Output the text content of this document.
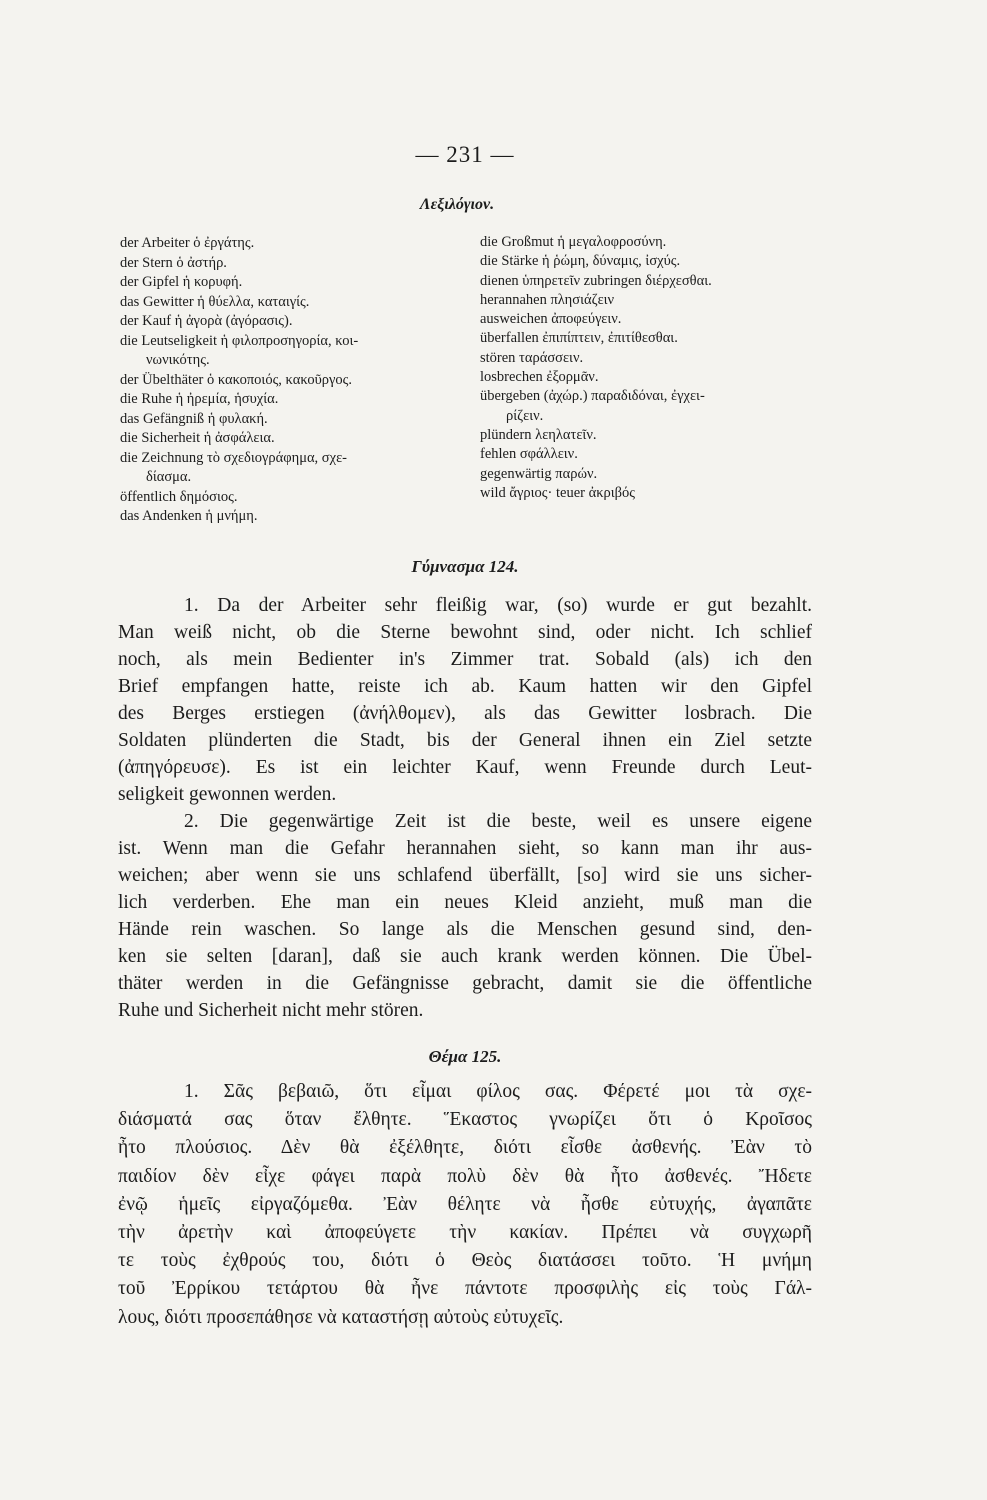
— 231 —
Λεξιλόγιον.
der Arbeiter ὁ ἐργάτης.
der Stern ὁ ἀστήρ.
der Gipfel ἡ κορυφή.
das Gewitter ἡ θύελλα, καταιγίς.
der Kauf ἡ ἀγορὰ (ἀγόρασις).
die Leutseligkeit ἡ φιλοπροσηγορία, κοι-
νωνικότης.
der Übelthäter ὁ κακοποιός, κακοῦργος.
die Ruhe ἡ ἠρεμία, ἡσυχία.
das Gefängniß ἡ φυλακή.
die Sicherheit ἡ ἀσφάλεια.
die Zeichnung τὸ σχεδιογράφημα, σχε-
δίασμα.
öffentlich δημόσιος.
das Andenken ἡ μνήμη.
die Großmut ἡ μεγαλοφροσύνη.
die Stärke ἡ ῥώμη, δύναμις, ἰσχύς.
dienen ὑπηρετεῖν zubringen διέρχεσθαι.
herannahen πλησιάζειν
ausweichen ἀποφεύγειν.
überfallen ἐπιπίπτειν, ἐπιτίθεσθαι.
stören ταράσσειν.
losbrechen ἐξορμᾶν.
übergeben (ἀχώρ.) παραδιδόναι, ἐγχει-
ρίζειν.
plündern λεηλατεῖν.
fehlen σφάλλειν.
gegenwärtig παρών.
wild ἄγριος· teuer ἀκριβός
Γύμνασμα 124.
1. Da der Arbeiter sehr fleißig war, (so) wurde er gut bezahlt.
Man weiß nicht, ob die Sterne bewohnt sind, oder nicht. Ich schlief
noch, als mein Bedienter in's Zimmer trat. Sobald (als) ich den
Brief empfangen hatte, reiste ich ab. Kaum hatten wir den Gipfel
des Berges erstiegen (ἀνήλθομεν), als das Gewitter losbrach. Die
Soldaten plünderten die Stadt, bis der General ihnen ein Ziel setzte
(ἀπηγόρευσε). Es ist ein leichter Kauf, wenn Freunde durch Leut-
seligkeit gewonnen werden.
2. Die gegenwärtige Zeit ist die beste, weil es unsere eigene
ist. Wenn man die Gefahr herannahen sieht, so kann man ihr aus-
weichen; aber wenn sie uns schlafend überfällt, [so] wird sie uns sicher-
lich verderben. Ehe man ein neues Kleid anzieht, muß man die
Hände rein waschen. So lange als die Menschen gesund sind, den-
ken sie selten [daran], daß sie auch krank werden können. Die Übel-
thäter werden in die Gefängnisse gebracht, damit sie die öffentliche
Ruhe und Sicherheit nicht mehr stören.
Θέμα 125.
1. Σᾶς βεβαιῶ, ὅτι εἶμαι φίλος σας. Φέρετέ μοι τὰ σχε-
διάσματά σας ὅταν ἔλθητε. Ἕκαστος γνωρίζει ὅτι ὁ Κροῖσος
ἦτο πλούσιος. Δὲν θὰ ἐξέλθητε, διότι εἶσθε ἀσθενής. Ἐὰν τὸ
παιδίον δὲν εἶχε φάγει παρὰ πολὺ δὲν θὰ ἦτο ἀσθενές. Ἤδετε
ἐνῷ ἡμεῖς εἰργαζόμεθα. Ἐὰν θέλητε νὰ ἦσθε εὐτυχής, ἀγαπᾶτε
τὴν ἀρετὴν καὶ ἀποφεύγετε τὴν κακίαν. Πρέπει νὰ συγχωρῆ
τε τοὺς ἐχθρούς του, διότι ὁ Θεὸς διατάσσει τοῦτο. Ἡ μνήμη
τοῦ Ἐρρίκου τετάρτου θὰ ἦνε πάντοτε προσφιλὴς εἰς τοὺς Γάλ-
λους, διότι προσεπάθησε νὰ καταστήσῃ αὐτοὺς εὐτυχεῖς.
